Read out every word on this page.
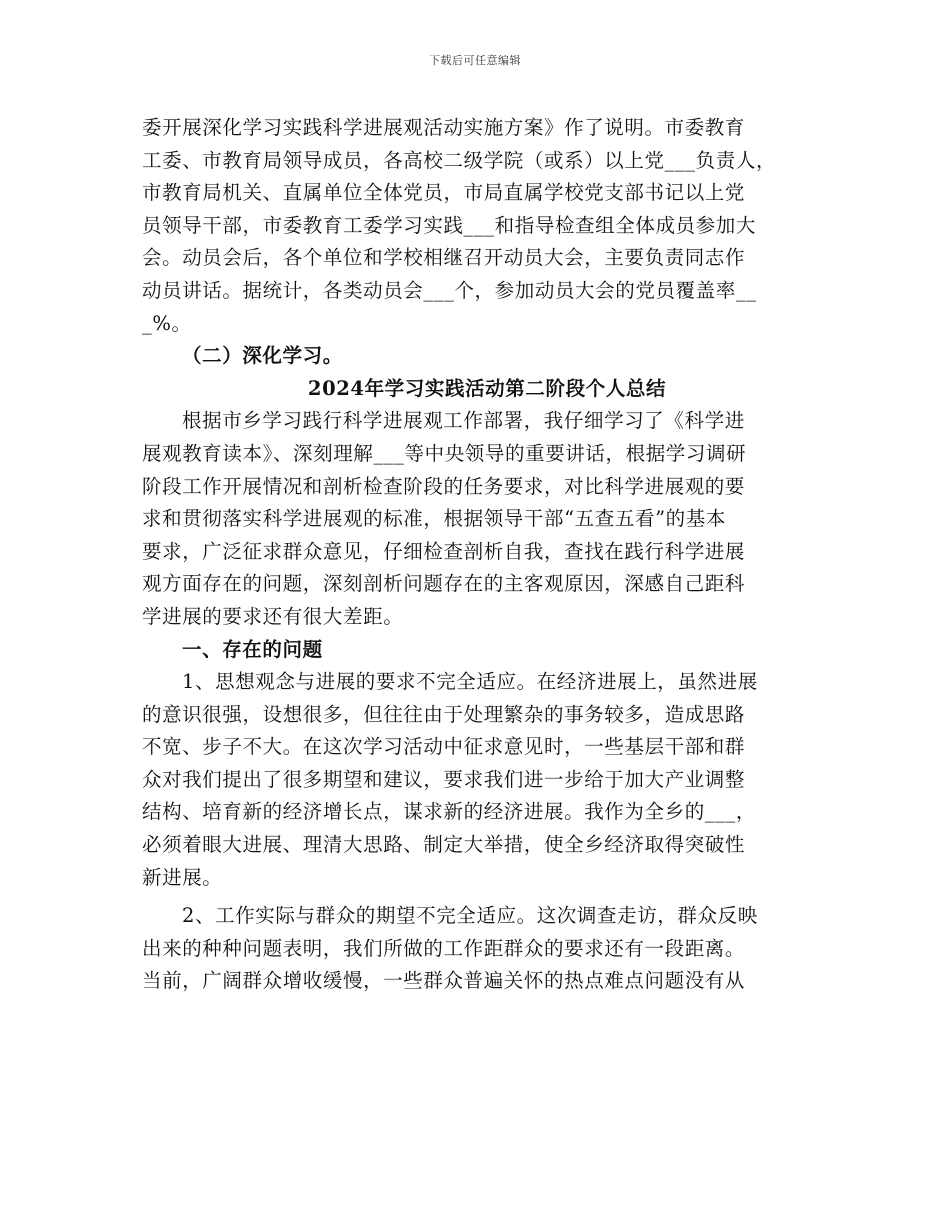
下载后可任意编辑
委开展深化学习实践科学进展观活动实施方案》作了说明。市委教育
工委、市教育局领导成员，各高校二级学院（或系）以上党___负责人，
市教育局机关、直属单位全体党员，市局直属学校党支部书记以上党
员领导干部，市委教育工委学习实践___和指导检查组全体成员参加大
会。动员会后，各个单位和学校相继召开动员大会，主要负责同志作
动员讲话。据统计，各类动员会___个，参加动员大会的党员覆盖率__
_%。
（二）深化学习。
2024年学习实践活动第二阶段个人总结
根据市乡学习践行科学进展观工作部署，我仔细学习了《科学进
展观教育读本》、深刻理解___等中央领导的重要讲话，根据学习调研
阶段工作开展情况和剖析检查阶段的任务要求，对比科学进展观的要
求和贯彻落实科学进展观的标准，根据领导干部“五查五看”的基本
要求，广泛征求群众意见，仔细检查剖析自我，查找在践行科学进展
观方面存在的问题，深刻剖析问题存在的主客观原因，深感自己距科
学进展的要求还有很大差距。
一、存在的问题
1、思想观念与进展的要求不完全适应。在经济进展上，虽然进展
的意识很强，设想很多，但往往由于处理繁杂的事务较多，造成思路
不宽、步子不大。在这次学习活动中征求意见时，一些基层干部和群
众对我们提出了很多期望和建议，要求我们进一步给于加大产业调整
结构、培育新的经济增长点，谋求新的经济进展。我作为全乡的___，
必须着眼大进展、理清大思路、制定大举措，使全乡经济取得突破性
新进展。
2、工作实际与群众的期望不完全适应。这次调查走访，群众反映
出来的种种问题表明，我们所做的工作距群众的要求还有一段距离。
当前，广阔群众增收缓慢，一些群众普遍关怀的热点难点问题没有从
